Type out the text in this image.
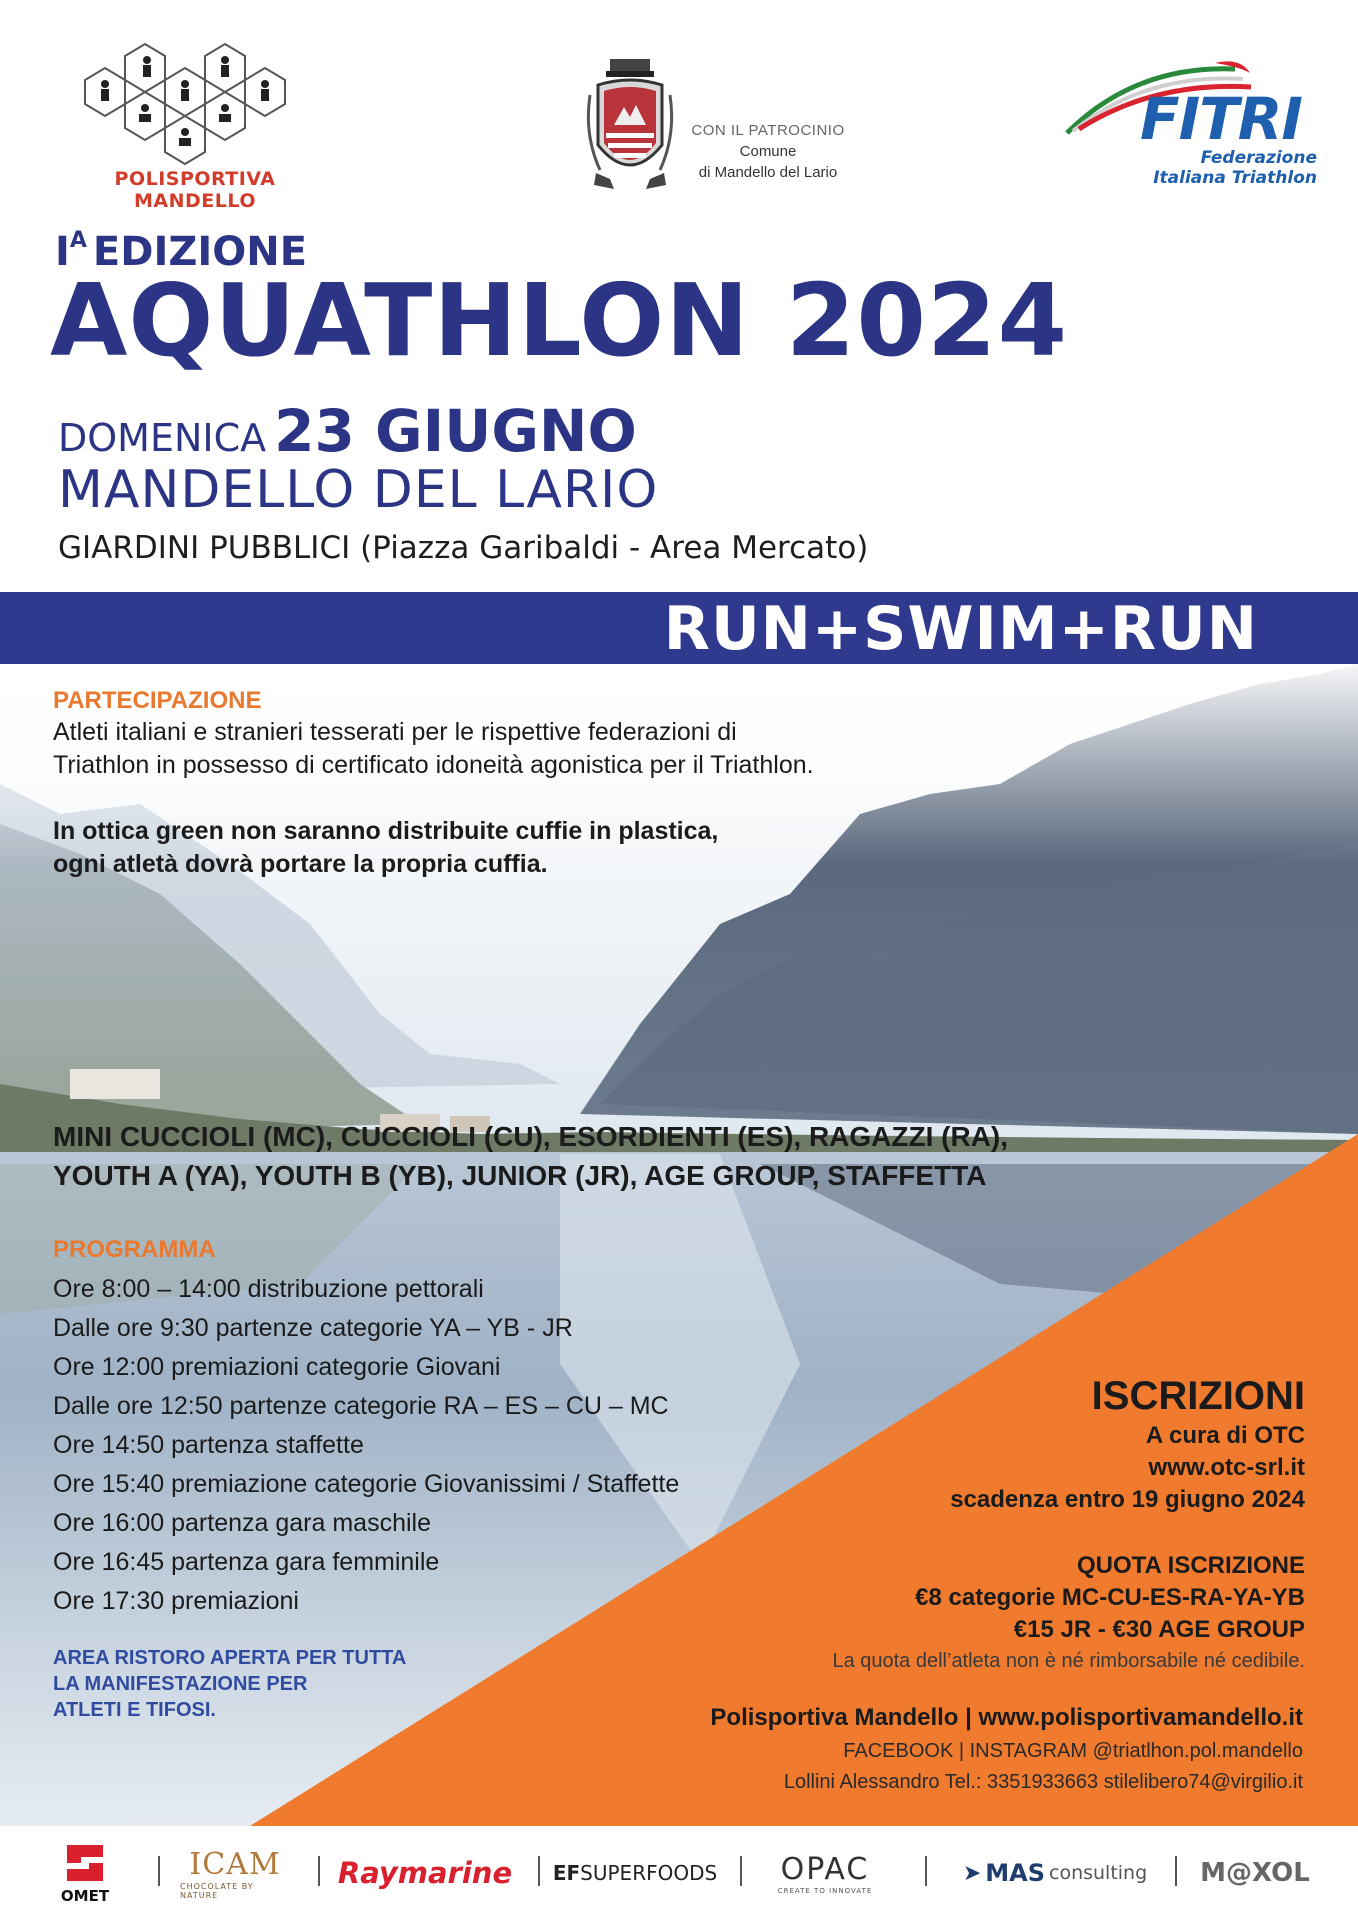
POLISPORTIVA MANDELLO
CON IL PATROCINIO
Comune
di Mandello del Lario
FITRI
Federazione
Italiana Triathlon
$I^A$ EDIZIONE
AQUATHLON 2024
DOMENICA 23 GIUGNO
MANDELLO DEL LARIO
GIARDINI PUBBLICI (Piazza Garibaldi - Area Mercato)
RUN+SWIM+RUN
PARTECIPAZIONE
Atleti italiani e stranieri tesserati per le rispettive federazioni di
Triathlon in possesso di certificato idoneità agonistica per il Triathlon.
In ottica green non saranno distribuite cuffie in plastica,
ogni atletà dovrà portare la propria cuffia.
MINI CUCCIOLI (MC), CUCCIOLI (CU), ESORDIENTI (ES), RAGAZZI (RA),
YOUTH A (YA), YOUTH B (YB), JUNIOR (JR), AGE GROUP, STAFFETTA
PROGRAMMA
Ore 8:00 – 14:00 distribuzione pettorali
Dalle ore 9:30 partenze categorie YA – YB - JR
Ore 12:00 premiazioni categorie Giovani
Dalle ore 12:50 partenze categorie RA – ES – CU – MC
Ore 14:50 partenza staffette
Ore 15:40 premiazione categorie Giovanissimi / Staffette
Ore 16:00 partenza gara maschile
Ore 16:45 partenza gara femminile
Ore 17:30 premiazioni
AREA RISTORO APERTA PER TUTTA
LA MANIFESTAZIONE PER
ATLETI E TIFOSI.
ISCRIZIONI
A cura di OTC
www.otc-srl.it
scadenza entro 19 giugno 2024
QUOTA ISCRIZIONE
€8 categorie MC-CU-ES-RA-YA-YB
€15 JR - €30 AGE GROUP
La quota dell’atleta non è né rimborsabile né cedibile.
Polisportiva Mandello | www.polisportivamandello.it
FACEBOOK | INSTAGRAM @triatlhon.pol.mandello
Lollini Alessandro Tel.: 3351933663 stilelibero74@virgilio.it
OMET
ICAM
CHOCOLATE BY NATURE
Raymarine	EFSUPERFOODS OPAC
CREATE TO INNOVATE
➤ MAS consulting M@XOL
